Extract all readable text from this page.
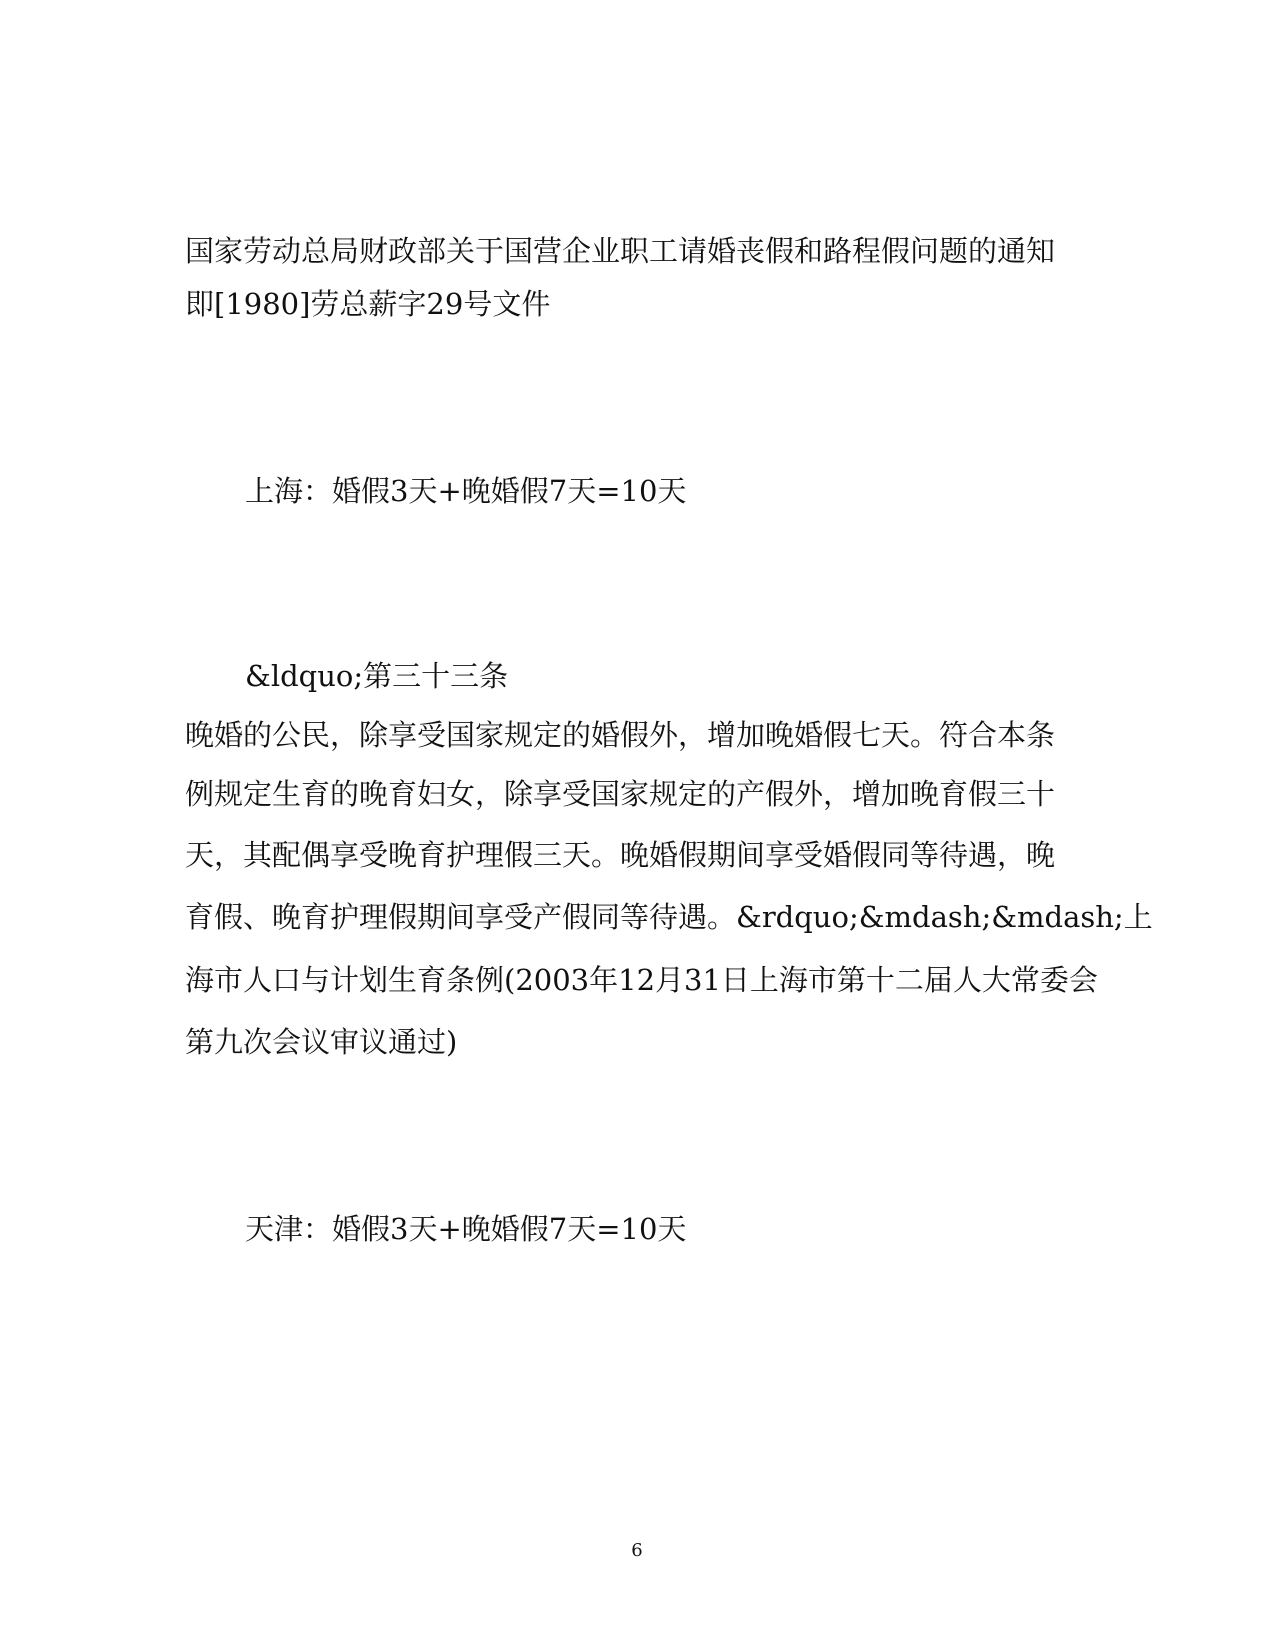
国家劳动总局财政部关于国营企业职工请婚丧假和路程假问题的通知
即[1980]劳总薪字29号文件
上海：婚假3天+晚婚假7天=10天
&ldquo;第三十三条
晚婚的公民，除享受国家规定的婚假外，增加晚婚假七天。符合本条
例规定生育的晚育妇女，除享受国家规定的产假外，增加晚育假三十
天，其配偶享受晚育护理假三天。晚婚假期间享受婚假同等待遇，晚
育假、晚育护理假期间享受产假同等待遇。&rdquo;&mdash;&mdash;上
海市人口与计划生育条例(2003年12月31日上海市第十二届人大常委会
第九次会议审议通过)
天津：婚假3天+晚婚假7天=10天
6
